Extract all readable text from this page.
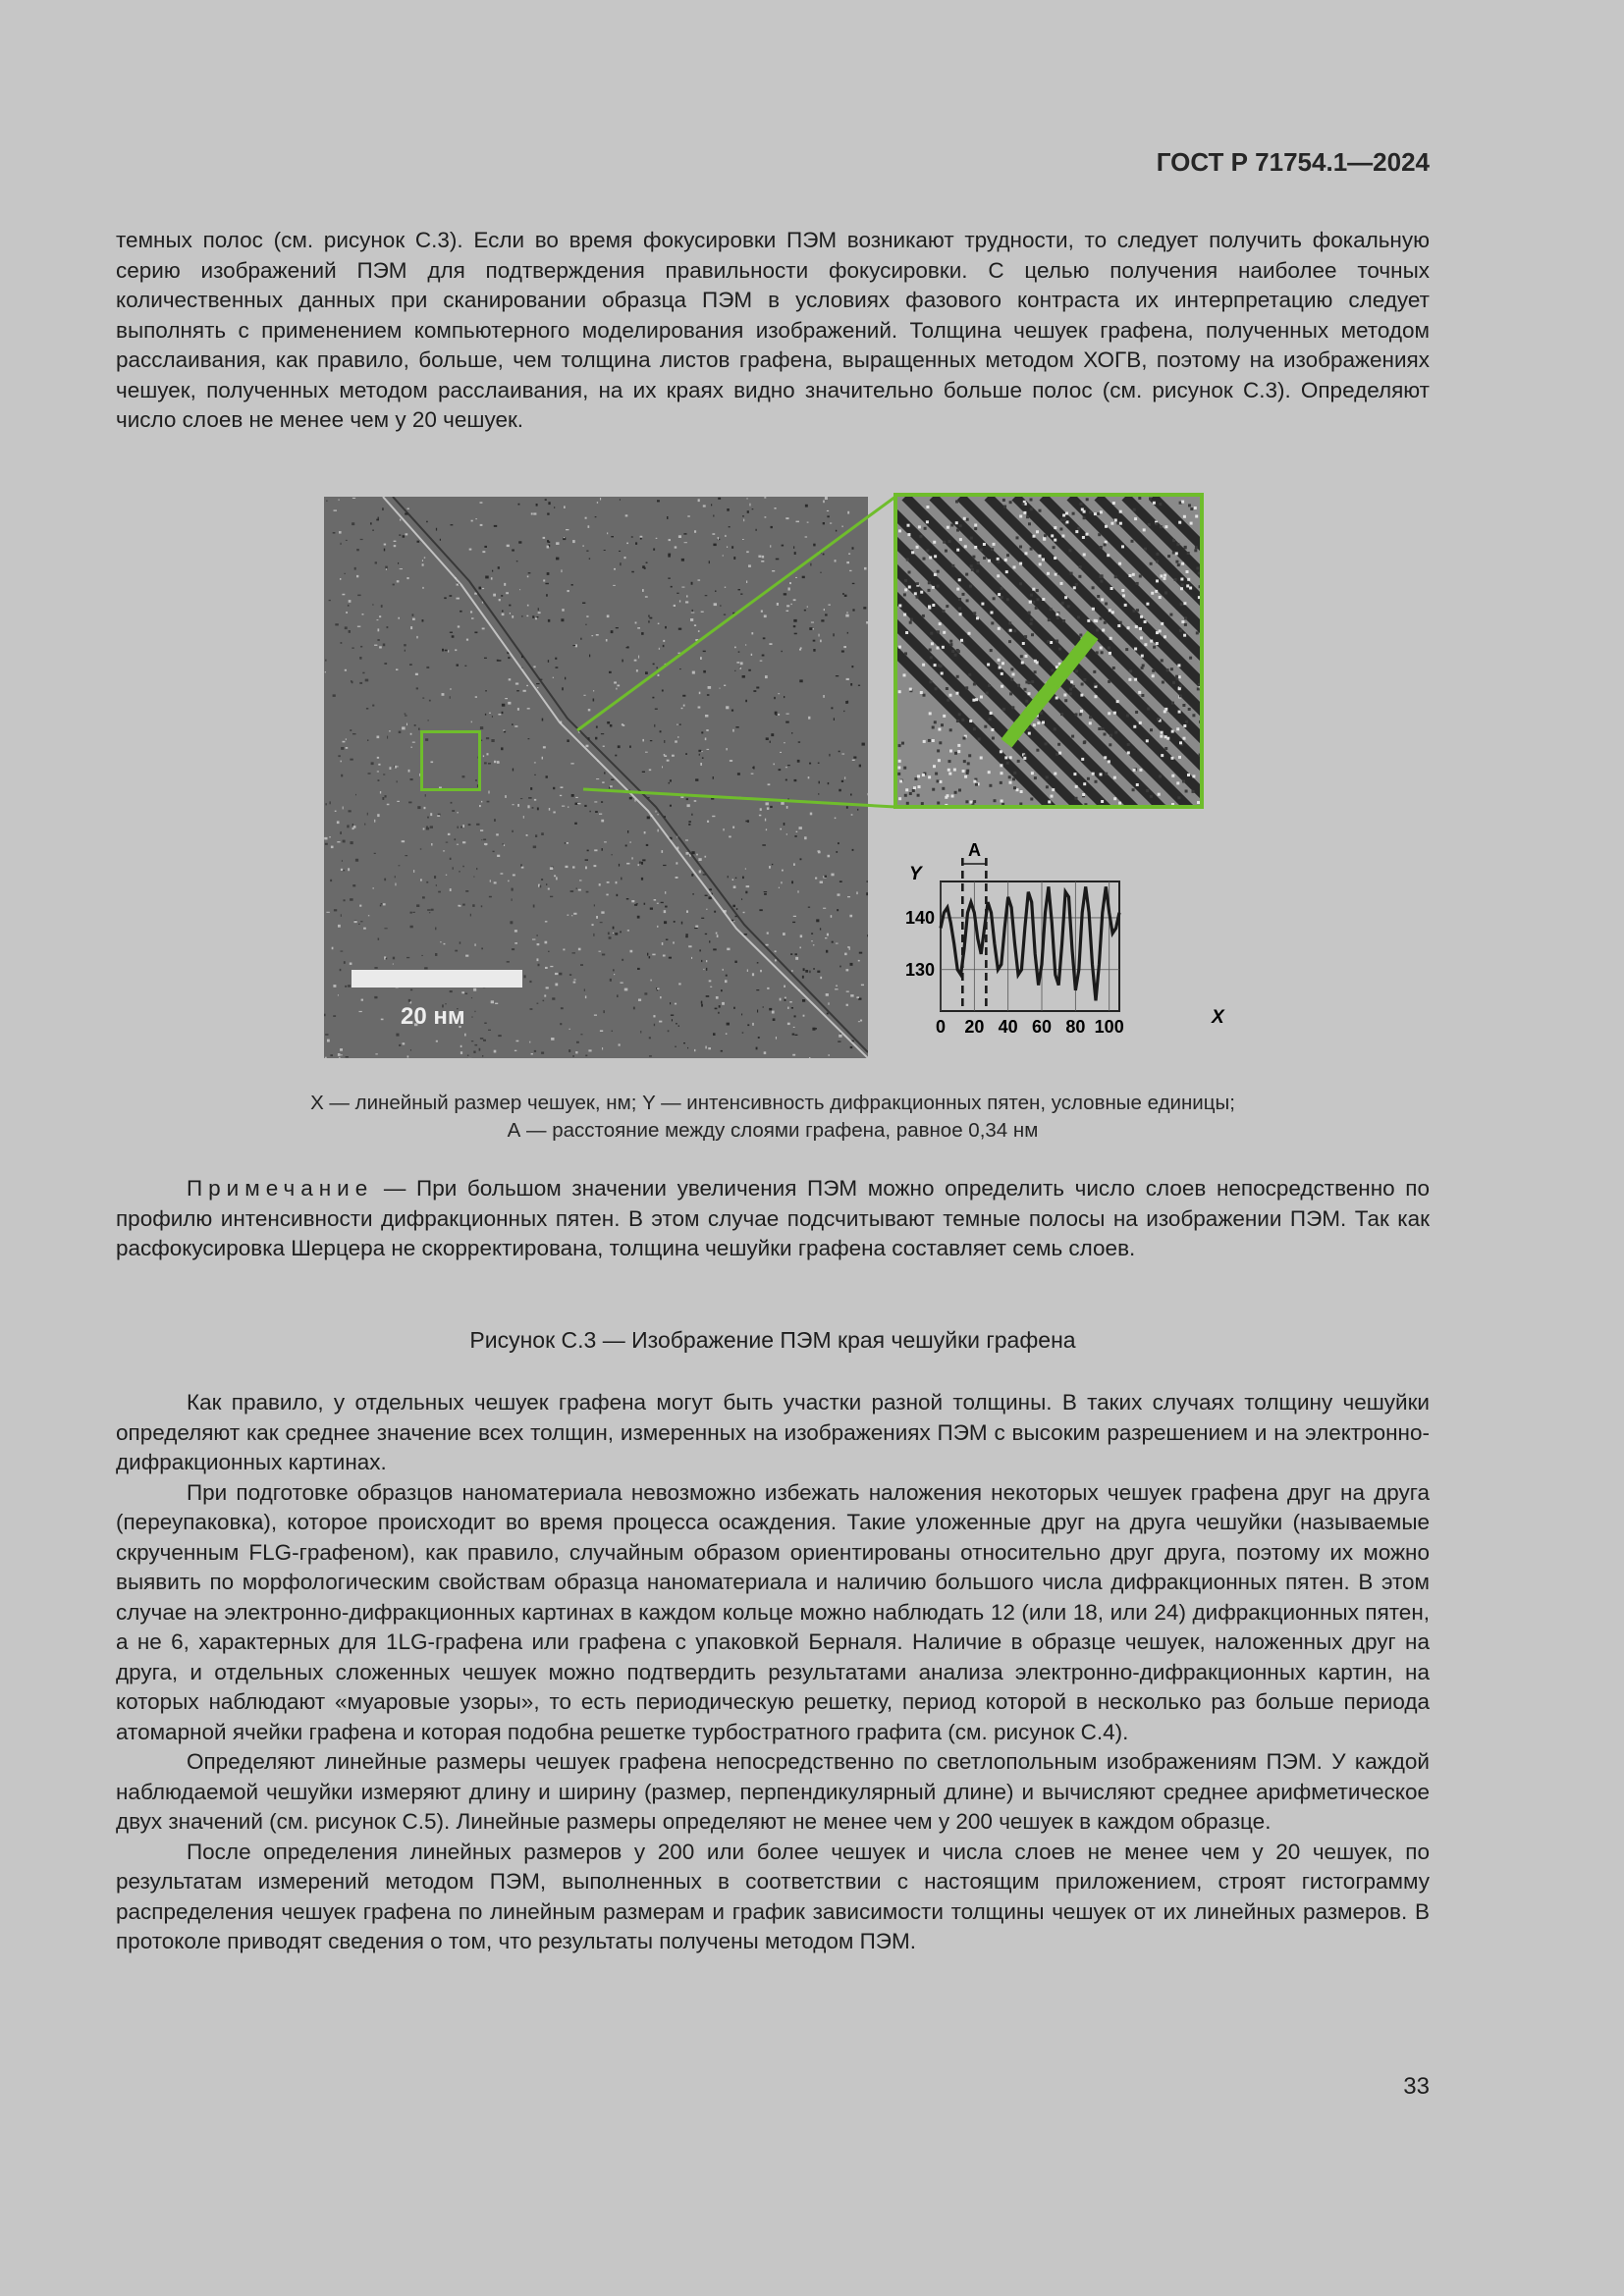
ГОСТ Р 71754.1—2024

темных полос (см. рисунок С.3). Если во время фокусировки ПЭМ возникают трудности, то следует получить фокальную серию изображений ПЭМ для подтверждения правильности фокусировки. С целью получения наиболее точных количественных данных при сканировании образца ПЭМ в условиях фазового контраста их интерпретацию следует выполнять с применением компьютерного моделирования изображений. Толщина чешуек графена, полученных методом расслаивания, как правило, больше, чем толщина листов графена, выращенных методом ХОГВ, поэтому на изображениях чешуек, полученных методом расслаивания, на их краях видно значительно больше полос (см. рисунок С.3). Определяют число слоев не менее чем у 20 чешуек.

20 нм
Y
X
A
140
130
0 20 40 60 80 100

X — линейный размер чешуек, нм; Y — интенсивность дифракционных пятен, условные единицы;

А — расстояние между слоями графена, равное 0,34 нм

Примечание — При большом значении увеличения ПЭМ можно определить число слоев непосредственно по профилю интенсивности дифракционных пятен. В этом случае подсчитывают темные полосы на изображении ПЭМ. Так как расфокусировка Шерцера не скорректирована, толщина чешуйки графена составляет семь слоев.

Рисунок С.3 — Изображение ПЭМ края чешуйки графена

Как правило, у отдельных чешуек графена могут быть участки разной толщины. В таких случаях толщину чешуйки определяют как среднее значение всех толщин, измеренных на изображениях ПЭМ с высоким разрешением и на электронно-дифракционных картинах.

При подготовке образцов наноматериала невозможно избежать наложения некоторых чешуек графена друг на друга (переупаковка), которое происходит во время процесса осаждения. Такие уложенные друг на друга чешуйки (называемые скрученным FLG-графеном), как правило, случайным образом ориентированы относительно друг друга, поэтому их можно выявить по морфологическим свойствам образца наноматериала и наличию большого числа дифракционных пятен. В этом случае на электронно-дифракционных картинах в каждом кольце можно наблюдать 12 (или 18, или 24) дифракционных пятен, а не 6, характерных для 1LG-графена или графена с упаковкой Берналя. Наличие в образце чешуек, наложенных друг на друга, и отдельных сложенных чешуек можно подтвердить результатами анализа электронно-дифракционных картин, на которых наблюдают «муаровые узоры», то есть периодическую решетку, период которой в несколько раз больше периода атомарной ячейки графена и которая подобна решетке турбостратного графита (см. рисунок С.4).

Определяют линейные размеры чешуек графена непосредственно по светлопольным изображениям ПЭМ. У каждой наблюдаемой чешуйки измеряют длину и ширину (размер, перпендикулярный длине) и вычисляют среднее арифметическое двух значений (см. рисунок С.5). Линейные размеры определяют не менее чем у 200 чешуек в каждом образце.

После определения линейных размеров у 200 или более чешуек и числа слоев не менее чем у 20 чешуек, по результатам измерений методом ПЭМ, выполненных в соответствии с настоящим приложением, строят гистограмму распределения чешуек графена по линейным размерам и график зависимости толщины чешуек от их линейных размеров. В протоколе приводят сведения о том, что результаты получены методом ПЭМ.

33
